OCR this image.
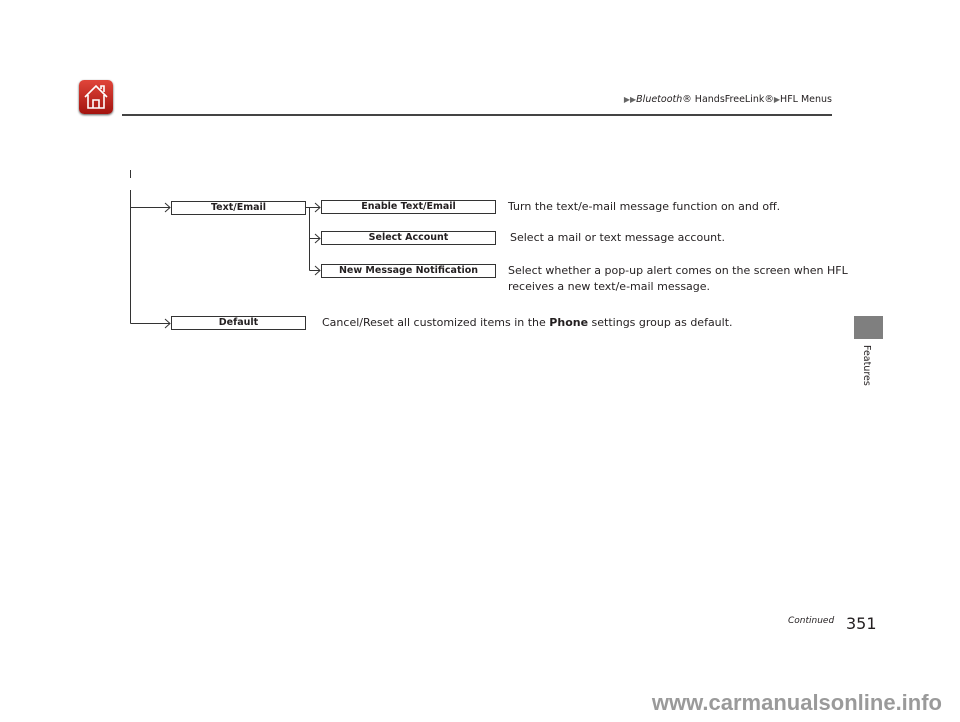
▶▶Bluetooth® HandsFreeLink®▶HFL Menus
Text/Email
Default
Enable Text/Email
Select Account
New Message Notification
Turn the text/e-mail message function on and off.
Select a mail or text message account.
Select whether a pop-up alert comes on the screen when HFL
receives a new text/e-mail message.
Cancel/Reset all customized items in the Phone settings group as default.
Features
Continued 351
www.carmanualsonline.info
